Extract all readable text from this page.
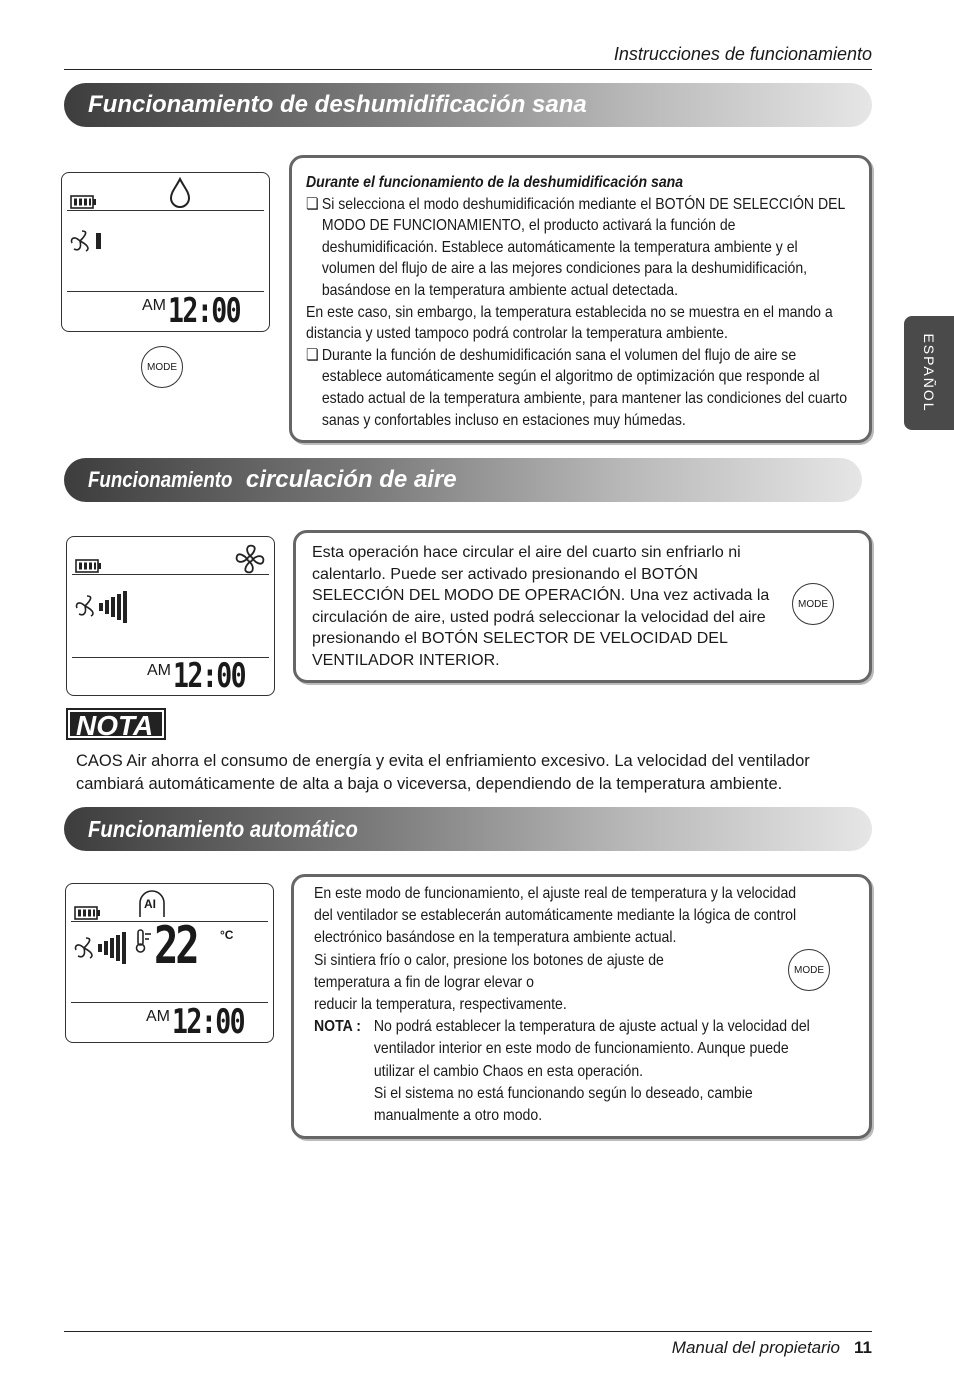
Instrucciones de funcionamiento
ESPAÑOL
Funcionamiento de deshumidificación sana
AM 12:00
MODE
Durante el funcionamiento de la deshumidificación sana
❏ Si selecciona el modo deshumidificación mediante el BOTÓN DE SELECCIÓN DEL MODO DE FUNCIONAMIENTO, el producto activará la función de deshumidificación. Establece automáticamente la temperatura ambiente y el volumen del flujo de aire a las mejores condiciones para la deshumidificación, basándose en la temperatura ambiente actual detectada.
En este caso, sin embargo, la temperatura establecida no se muestra en el mando a distancia y usted tampoco podrá controlar la temperatura ambiente.
❏ Durante la función de deshumidificación sana el volumen del flujo de aire se establece automáticamente según el algoritmo de optimización que responde al estado actual de la temperatura ambiente, para mantener las condiciones del cuarto sanas y confortables incluso en estaciones muy húmedas.
Funcionamiento circulación de aire
AM 12:00
Esta operación hace circular el aire del cuarto sin enfriarlo ni calentarlo. Puede ser activado presionando el BOTÓN SELECCIÓN DEL MODO DE OPERACIÓN. Una vez activada la circulación de aire, usted podrá seleccionar la velocidad del aire presionando el BOTÓN SELECTOR DE VELOCIDAD DEL VENTILADOR INTERIOR.
MODE
NOTA
CAOS Air ahorra el consumo de energía y evita el enfriamiento excesivo. La velocidad del ventilador cambiará automáticamente de alta a baja o viceversa, dependiendo de la temperatura ambiente.
Funcionamiento automático
AI
22 °C
AM 12:00
En este modo de funcionamiento, el ajuste real de temperatura y la velocidad del ventilador se establecerán automáticamente mediante la lógica de control electrónico basándose en la temperatura ambiente actual.
Si sintiera frío o calor, presione los botones de ajuste de temperatura a fin de lograr elevar o
reducir la temperatura, respectivamente.
NOTA : No podrá establecer la temperatura de ajuste actual y la velocidad del ventilador interior en este modo de funcionamiento. Aunque puede utilizar el cambio Chaos en esta operación.
Si el sistema no está funcionando según lo deseado, cambie manualmente a otro modo.
MODE
Manual del propietario 11
